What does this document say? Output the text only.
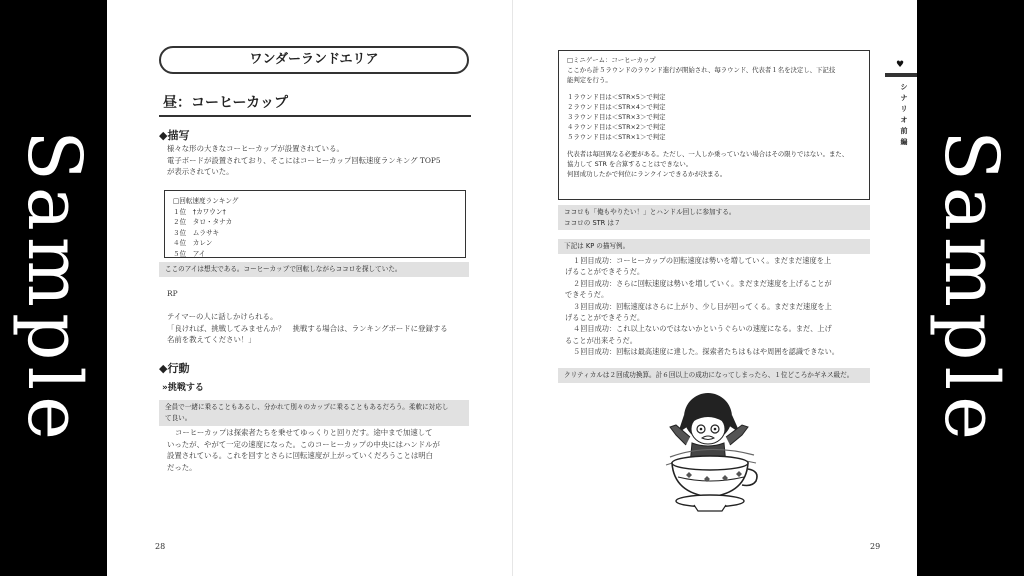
Sample
ワンダーランドエリア
昼：コーヒーカップ
◆描写

様々な形の大きなコーヒーカップが設置されている。

電子ボードが設置されており、そこにはコーヒーカップ回転速度ランキング TOP5

が表示されていた。

□回転速度ランキング
１位　†カワウン†
２位　タロ・タナカ
３位　ムラサキ
４位　カレン
５位　アイ
ここのアイは想太である。コーヒーカップで回転しながらココロを探していた。
RP

テイマーの人に話しかけられる。

「良ければ、挑戦してみませんか？　挑戦する場合は、ランキングボードに登録する

名前を教えてください！」

◆行動
»挑戦する
全員で一緒に乗ることもあるし、分かれて別々のカップに乗ることもあるだろう。柔軟に対応し
て良い。

コーヒーカップは探索者たちを乗せてゆっくりと回りだす。途中まで加速して

いったが、やがて一定の速度になった。このコーヒーカップの中央にはハンドルが

設置されている。これを回すとさらに回転速度が上がっていくだろうことは明白

だった。

28
□ミニゲーム：コーヒーカップ
ここから計５ラウンドのラウンド進行が開始され、毎ラウンド、代表者１名を決定し、下記技
能判定を行う。
１ラウンド目は＜STR×5＞で判定
２ラウンド目は＜STR×4＞で判定
３ラウンド目は＜STR×3＞で判定
４ラウンド目は＜STR×2＞で判定
５ラウンド目は＜STR×1＞で判定
代表者は毎回異なる必要がある。ただし、一人しか乗っていない場合はその限りではない。また、
協力して STR を合算することはできない。
何回成功したかで何位にランクインできるかが決まる。
ココロも「俺もやりたい！」とハンドル回しに参加する。
ココロの STR は７
下記は KP の描写例。

１回目成功：コーヒーカップの回転速度は勢いを増していく。まだまだ速度を上

げることができそうだ。

２回目成功：さらに回転速度は勢いを増していく。まだまだ速度を上げることが

できそうだ。

３回目成功：回転速度はさらに上がり、少し目が回ってくる。まだまだ速度を上

げることができそうだ。

４回目成功：これ以上ないのではないかというぐらいの速度になる。まだ、上げ

ることが出来そうだ。

５回目成功：回転は最高速度に達した。探索者たちはもはや周囲を認識できない。

クリティカルは２回成功換算。計６回以上の成功になってしまったら、１位どころかギネス級だ。
29
♥
シナリオ前編 Sample
